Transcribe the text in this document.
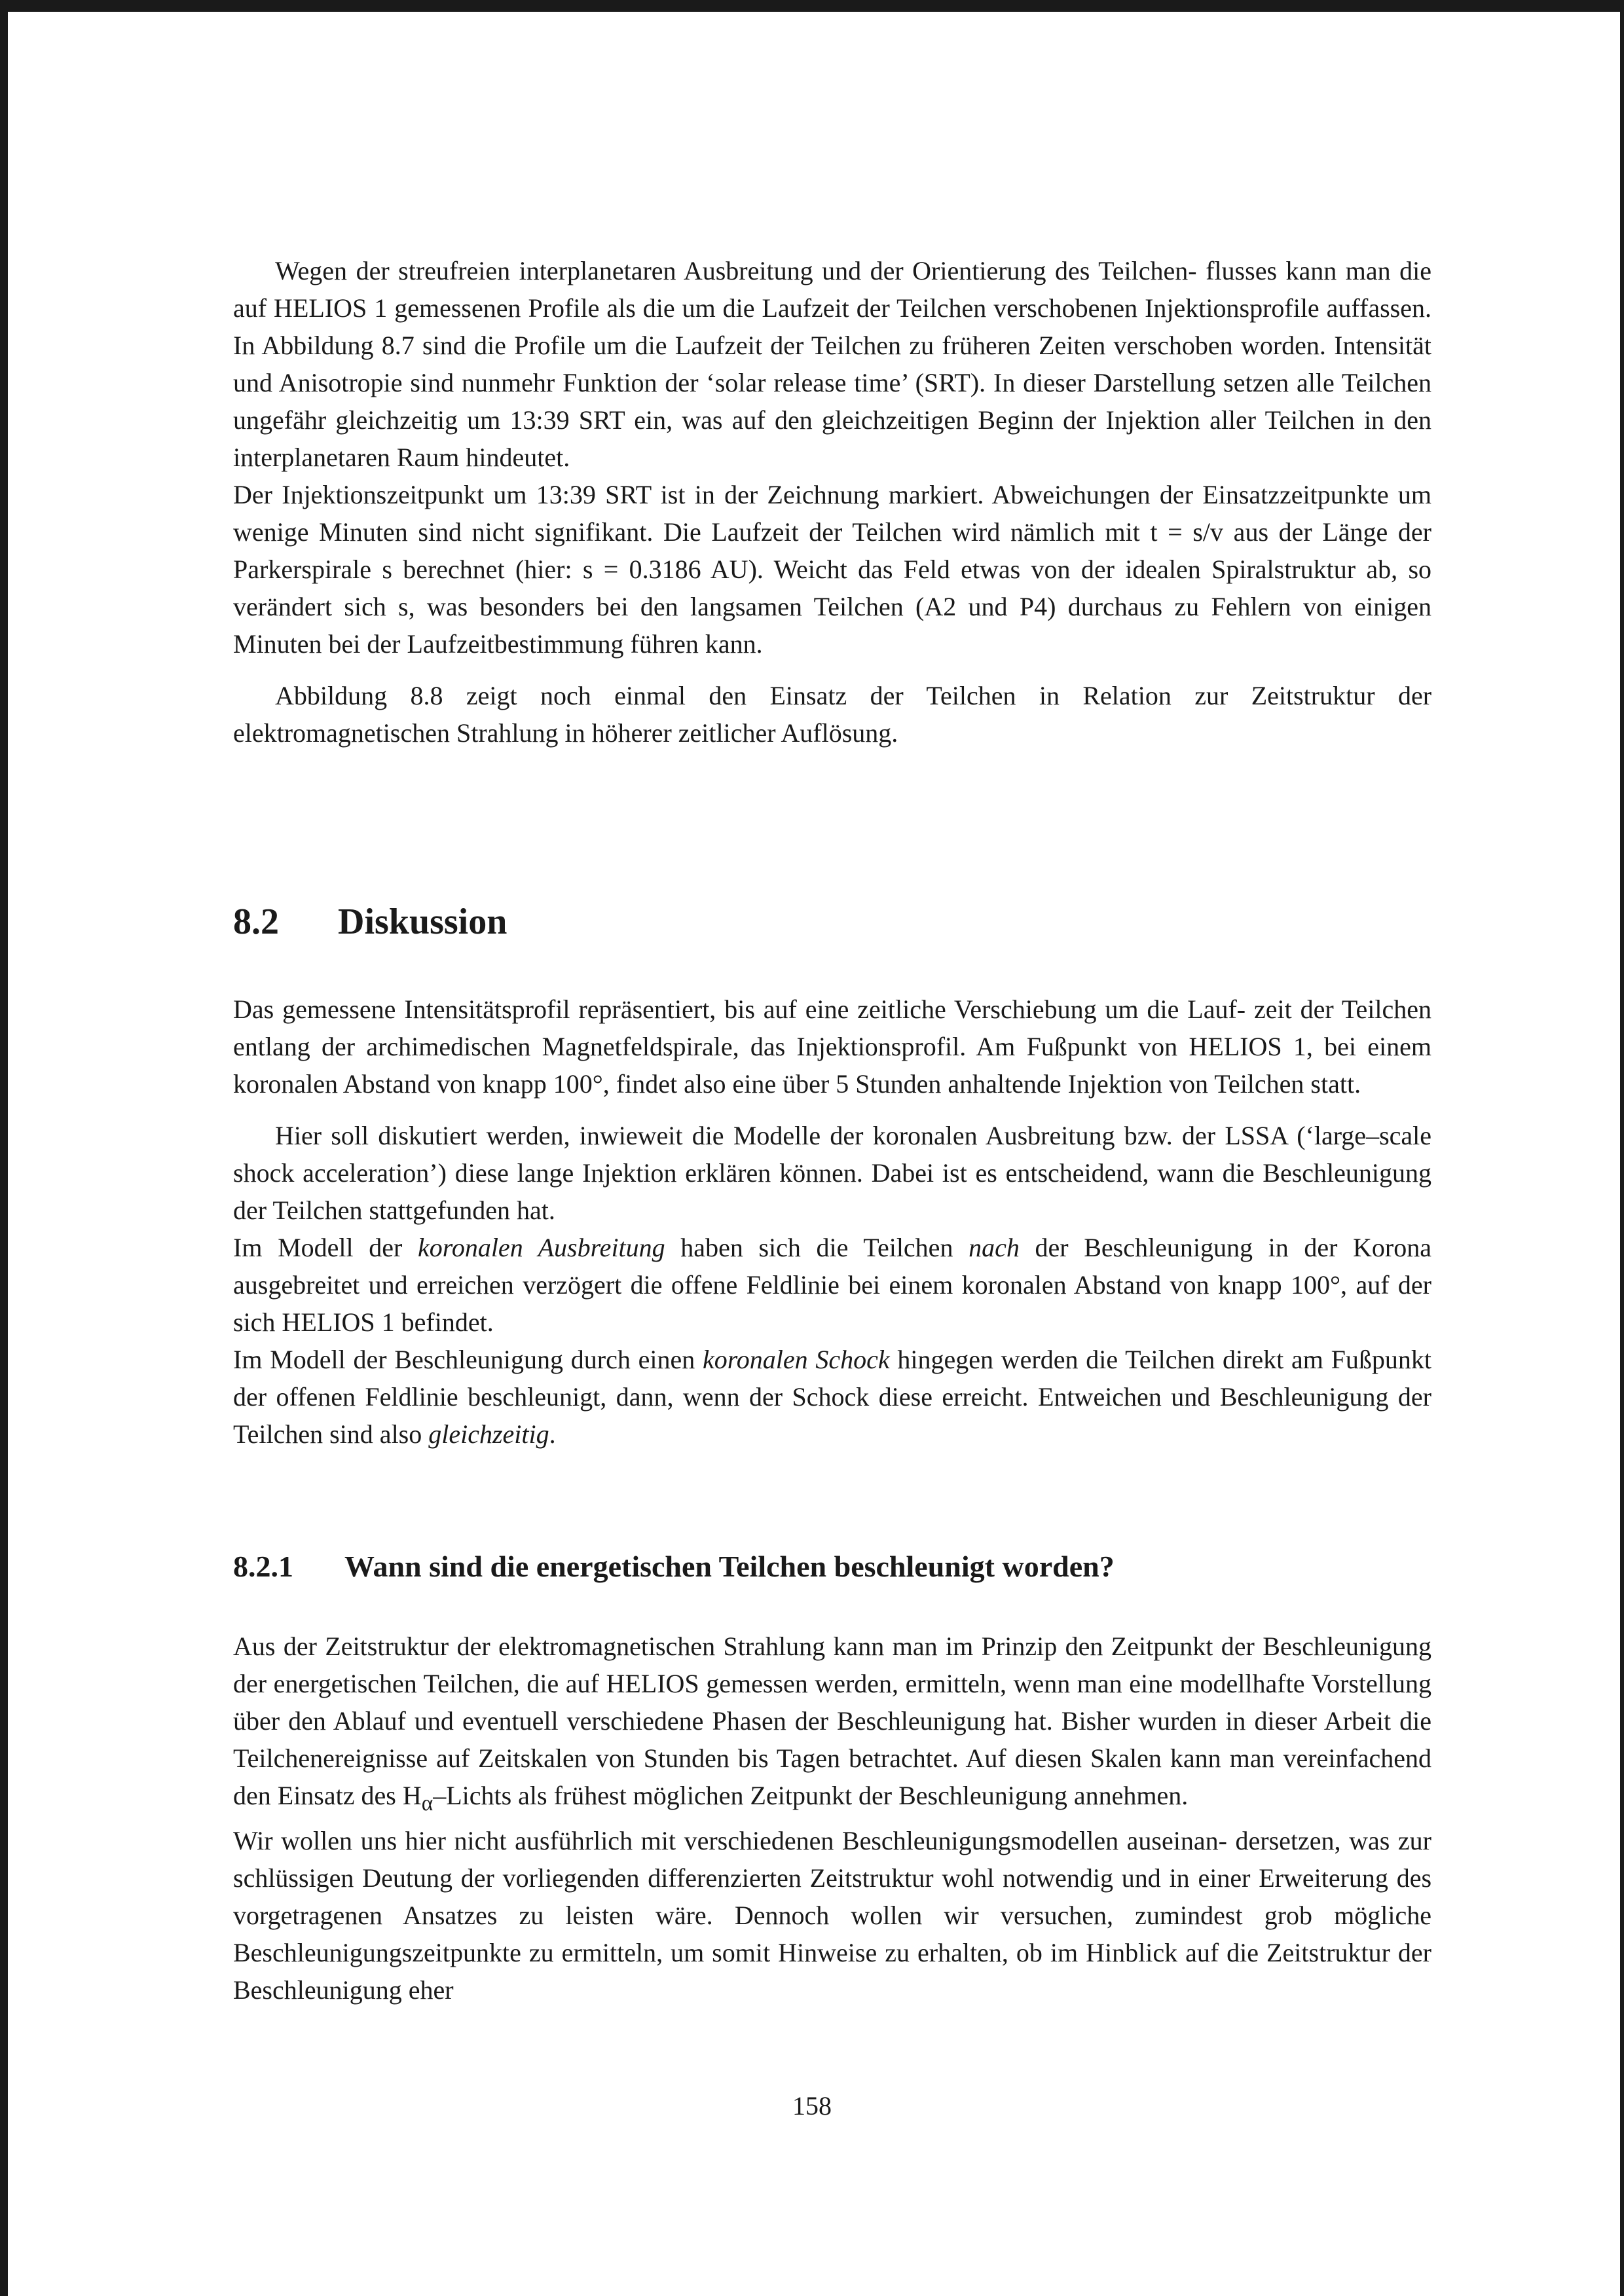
Wegen der streufreien interplanetaren Ausbreitung und der Orientierung des Teilchen- flusses kann man die auf HELIOS 1 gemessenen Profile als die um die Laufzeit der Teilchen verschobenen Injektionsprofile auffassen. In Abbildung 8.7 sind die Profile um die Laufzeit der Teilchen zu früheren Zeiten verschoben worden. Intensität und Anisotropie sind nunmehr Funktion der ‘solar release time’ (SRT). In dieser Darstellung setzen alle Teilchen ungefähr gleichzeitig um 13:39 SRT ein, was auf den gleichzeitigen Beginn der Injektion aller Teilchen in den interplanetaren Raum hindeutet.

Der Injektionszeitpunkt um 13:39 SRT ist in der Zeichnung markiert. Abweichungen der Einsatzzeitpunkte um wenige Minuten sind nicht signifikant. Die Laufzeit der Teilchen wird nämlich mit t = s/v aus der Länge der Parkerspirale s berechnet (hier: s = 0.3186 AU). Weicht das Feld etwas von der idealen Spiralstruktur ab, so verändert sich s, was besonders bei den langsamen Teilchen (A2 und P4) durchaus zu Fehlern von einigen Minuten bei der Laufzeitbestimmung führen kann.

Abbildung 8.8 zeigt noch einmal den Einsatz der Teilchen in Relation zur Zeitstruktur der elektromagnetischen Strahlung in höherer zeitlicher Auflösung.

8.2 Diskussion

Das gemessene Intensitätsprofil repräsentiert, bis auf eine zeitliche Verschiebung um die Lauf- zeit der Teilchen entlang der archimedischen Magnetfeldspirale, das Injektionsprofil. Am Fußpunkt von HELIOS 1, bei einem koronalen Abstand von knapp 100°, findet also eine über 5 Stunden anhaltende Injektion von Teilchen statt.

Hier soll diskutiert werden, inwieweit die Modelle der koronalen Ausbreitung bzw. der LSSA (‘large–scale shock acceleration’) diese lange Injektion erklären können. Dabei ist es entscheidend, wann die Beschleunigung der Teilchen stattgefunden hat.

Im Modell der koronalen Ausbreitung haben sich die Teilchen nach der Beschleunigung in der Korona ausgebreitet und erreichen verzögert die offene Feldlinie bei einem koronalen Abstand von knapp 100°, auf der sich HELIOS 1 befindet.

Im Modell der Beschleunigung durch einen koronalen Schock hingegen werden die Teilchen direkt am Fußpunkt der offenen Feldlinie beschleunigt, dann, wenn der Schock diese erreicht. Entweichen und Beschleunigung der Teilchen sind also gleichzeitig.

8.2.1 Wann sind die energetischen Teilchen beschleunigt worden?

Aus der Zeitstruktur der elektromagnetischen Strahlung kann man im Prinzip den Zeitpunkt der Beschleunigung der energetischen Teilchen, die auf HELIOS gemessen werden, ermitteln, wenn man eine modellhafte Vorstellung über den Ablauf und eventuell verschiedene Phasen der Beschleunigung hat. Bisher wurden in dieser Arbeit die Teilchenereignisse auf Zeitskalen von Stunden bis Tagen betrachtet. Auf diesen Skalen kann man vereinfachend den Einsatz des $H_\alpha$–Lichts als frühest möglichen Zeitpunkt der Beschleunigung annehmen.

Wir wollen uns hier nicht ausführlich mit verschiedenen Beschleunigungsmodellen auseinan- dersetzen, was zur schlüssigen Deutung der vorliegenden differenzierten Zeitstruktur wohl notwendig und in einer Erweiterung des vorgetragenen Ansatzes zu leisten wäre. Dennoch wollen wir versuchen, zumindest grob mögliche Beschleunigungszeitpunkte zu ermitteln, um somit Hinweise zu erhalten, ob im Hinblick auf die Zeitstruktur der Beschleunigung eher

158
